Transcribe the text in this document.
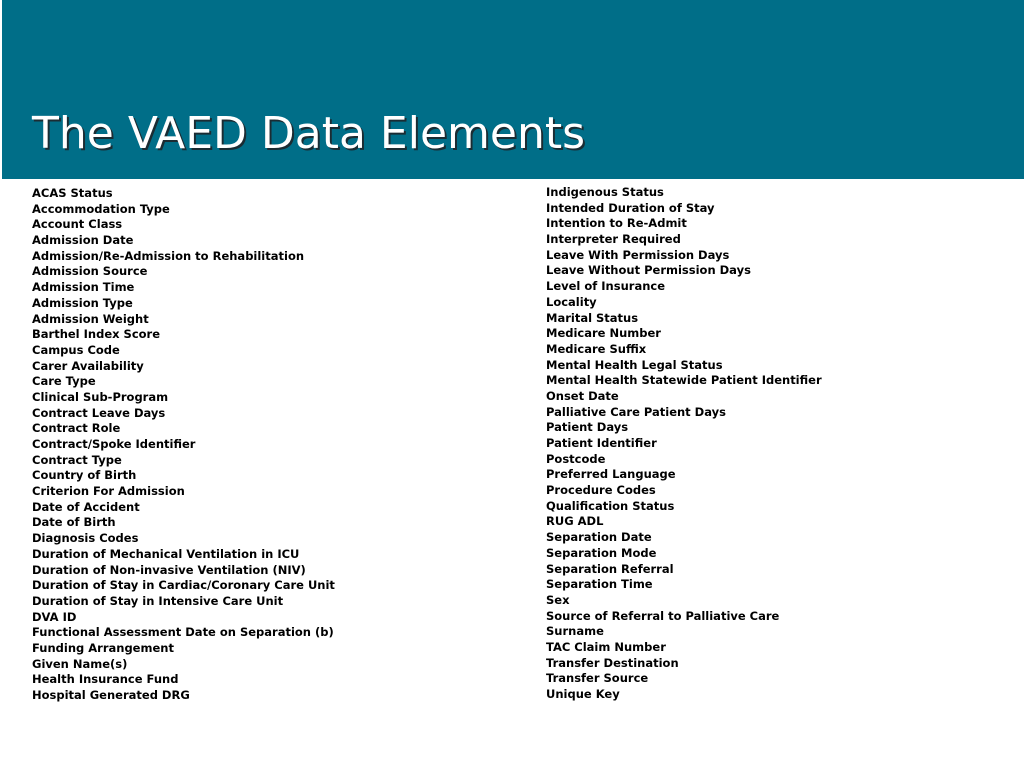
The VAED Data Elements
ACAS Status
Accommodation Type
Account Class
Admission Date
Admission/Re-Admission to Rehabilitation
Admission Source
Admission Time
Admission Type
Admission Weight
Barthel Index Score
Campus Code
Carer Availability
Care Type
Clinical Sub-Program
Contract Leave Days
Contract Role
Contract/Spoke Identifier
Contract Type
Country of Birth
Criterion For Admission
Date of Accident
Date of Birth
Diagnosis Codes
Duration of Mechanical Ventilation in ICU
Duration of Non-invasive Ventilation (NIV)
Duration of Stay in Cardiac/Coronary Care Unit
Duration of Stay in Intensive Care Unit
DVA ID
Functional Assessment Date on Separation (b)
Funding Arrangement
Given Name(s)
Health Insurance Fund
Hospital Generated DRG
Indigenous Status
Intended Duration of Stay
Intention to Re-Admit
Interpreter Required
Leave With Permission Days
Leave Without Permission Days
Level of Insurance
Locality
Marital Status
Medicare Number
Medicare Suffix
Mental Health Legal Status
Mental Health Statewide Patient Identifier
Onset Date
Palliative Care Patient Days
Patient Days
Patient Identifier
Postcode
Preferred Language
Procedure Codes
Qualification Status
RUG ADL
Separation Date
Separation Mode
Separation Referral
Separation Time
Sex
Source of Referral to Palliative Care
Surname
TAC Claim Number
Transfer Destination
Transfer Source
Unique Key
